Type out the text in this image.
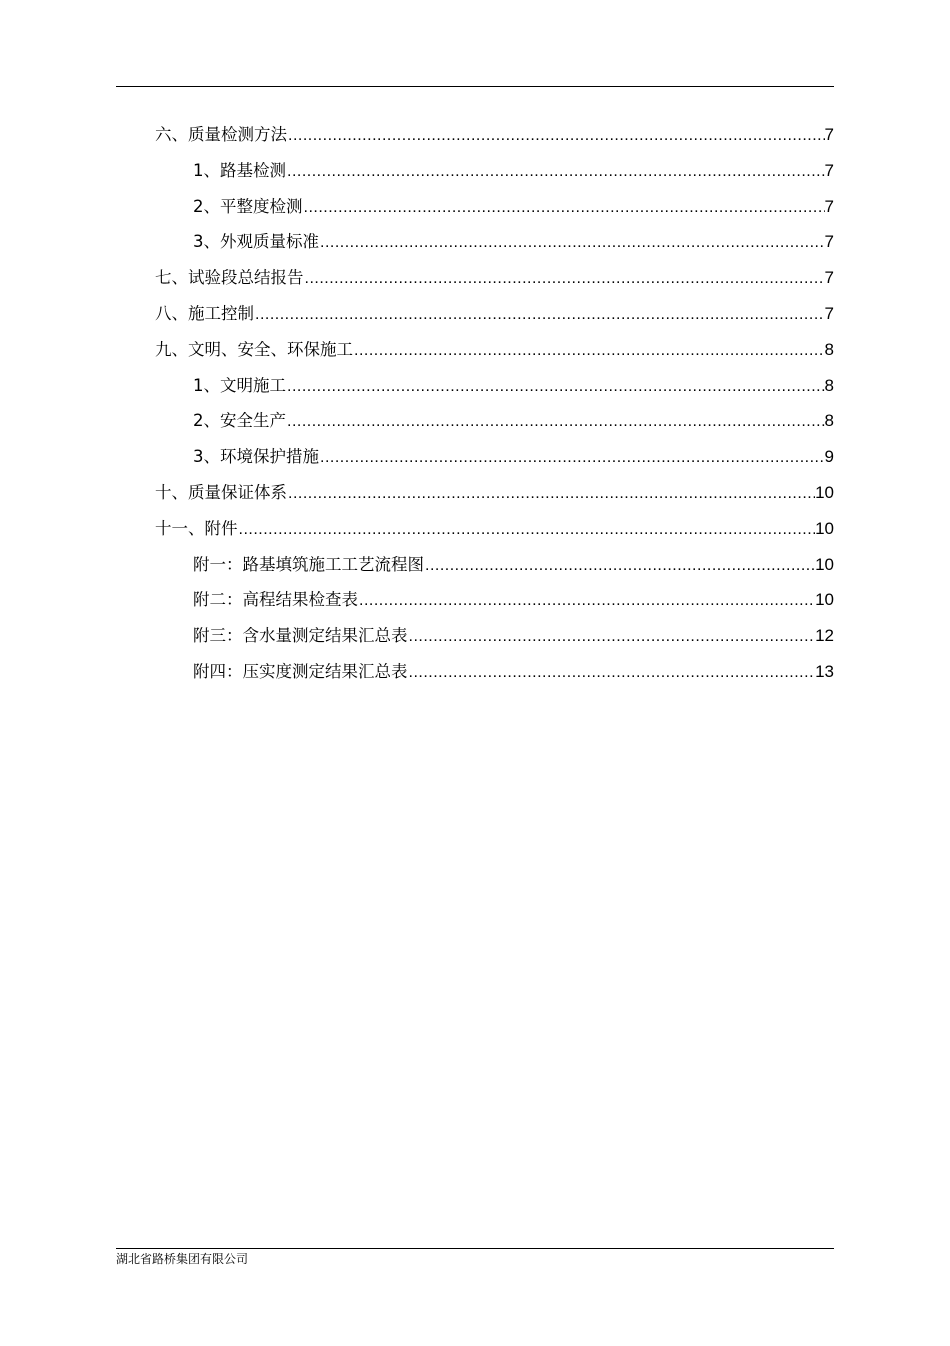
六、质量检测方法 .....	7
1、路基检测 .....	7
2、平整度检测 .....	7
3、外观质量标准 .....	7
七、试验段总结报告 .....	7
八、施工控制 .....	7
九、文明、安全、环保施工 .....	8
1、文明施工 .....	8
2、安全生产 .....	8
3、环境保护措施 .....	9
十、质量保证体系 .....	10
十一、附件 .....	10
附一：路基填筑施工工艺流程图 .....	10
附二：高程结果检查表 .....	10
附三：含水量测定结果汇总表 .....	12
附四：压实度测定结果汇总表 .....	13
湖北省路桥集团有限公司
